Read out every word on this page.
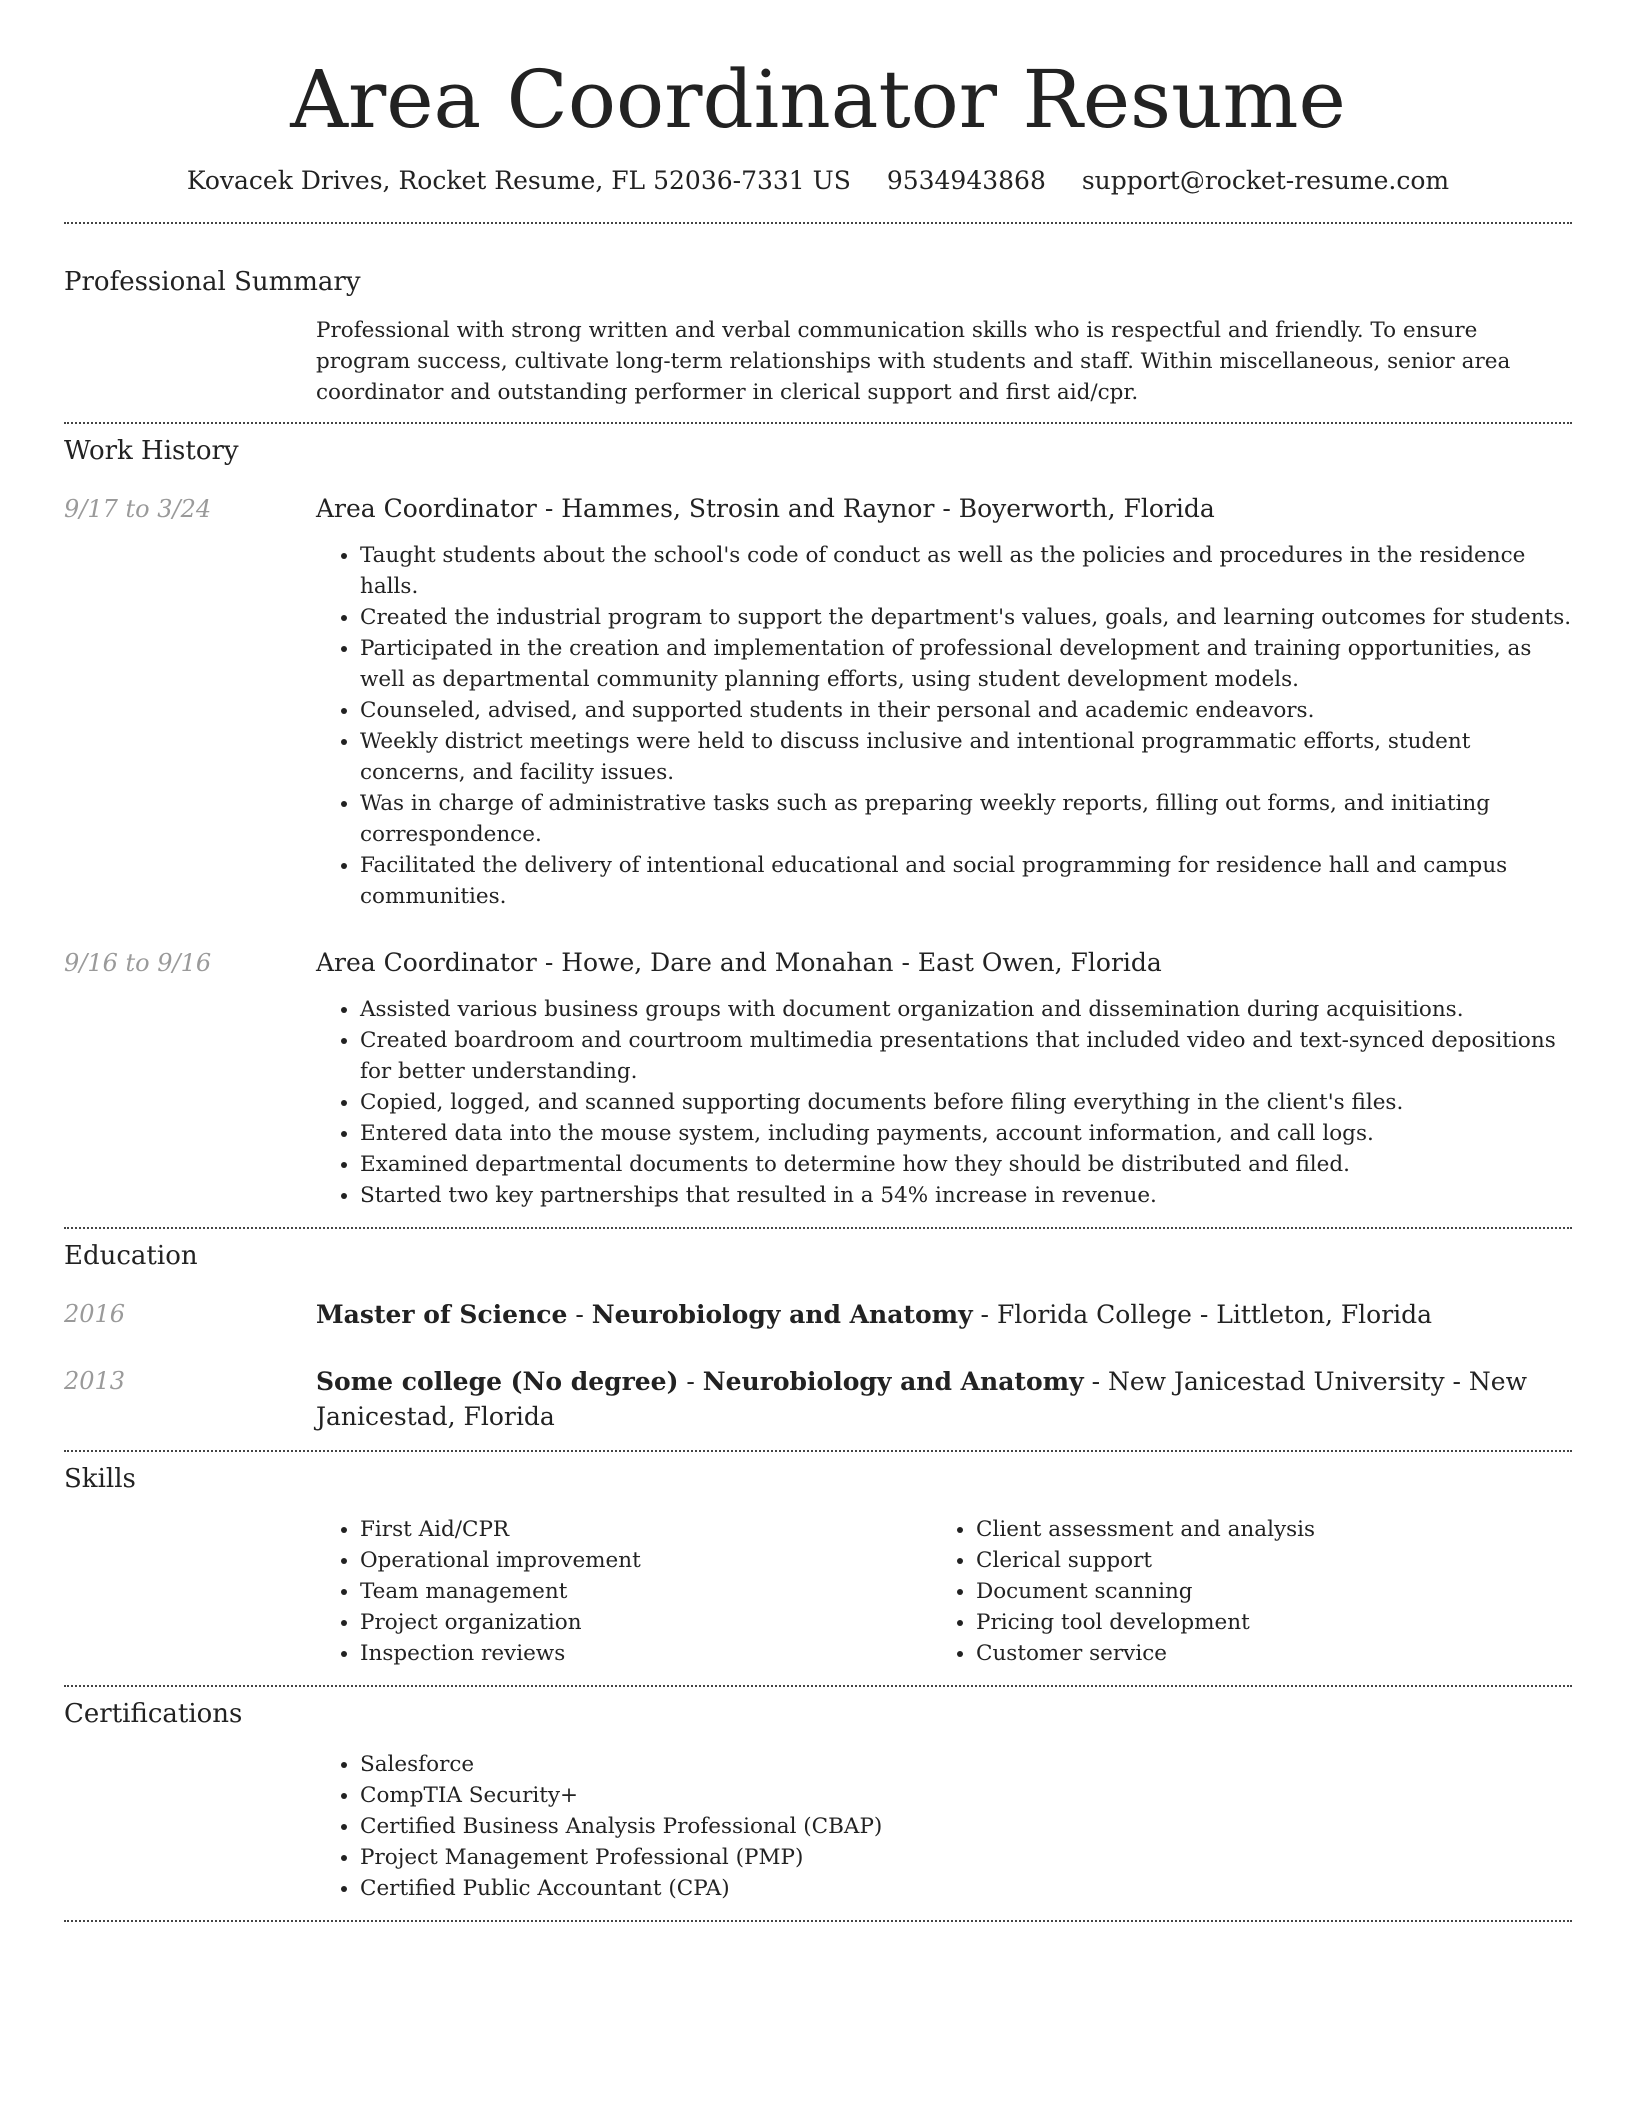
Area Coordinator Resume
Kovacek Drives, Rocket Resume, FL 52036-7331 US 9534943868 support@rocket-resume.com
Professional Summary

Professional with strong written and verbal communication skills who is respectful and friendly. To ensure program success, cultivate long-term relationships with students and staff. Within miscellaneous, senior area coordinator and outstanding performer in clerical support and first aid/cpr.

Work History
9/17 to 3/24	Area Coordinator - Hammes, Strosin and Raynor - Boyerworth, Florida
• Taught students about the school's code of conduct as well as the policies and procedures in the residence halls.
• Created the industrial program to support the department's values, goals, and learning outcomes for students.
• Participated in the creation and implementation of professional development and training opportunities, as well as departmental community planning efforts, using student development models.
• Counseled, advised, and supported students in their personal and academic endeavors.
• Weekly district meetings were held to discuss inclusive and intentional programmatic efforts, student concerns, and facility issues.
• Was in charge of administrative tasks such as preparing weekly reports, filling out forms, and initiating correspondence.
• Facilitated the delivery of intentional educational and social programming for residence hall and campus communities.
9/16 to 9/16	Area Coordinator - Howe, Dare and Monahan - East Owen, Florida
• Assisted various business groups with document organization and dissemination during acquisitions.
• Created boardroom and courtroom multimedia presentations that included video and text-synced depositions for better understanding.
• Copied, logged, and scanned supporting documents before filing everything in the client's files.
• Entered data into the mouse system, including payments, account information, and call logs.
• Examined departmental documents to determine how they should be distributed and filed.
• Started two key partnerships that resulted in a 54% increase in revenue.
Education
2016	Master of Science - Neurobiology and Anatomy - Florida College - Littleton, Florida
2013	Some college (No degree) - Neurobiology and Anatomy - New Janicestad University - New Janicestad, Florida
Skills
• First Aid/CPR
• Operational improvement
• Team management
• Project organization
• Inspection reviews
• Client assessment and analysis
• Clerical support
• Document scanning
• Pricing tool development
• Customer service
Certifications
• Salesforce
• CompTIA Security+
• Certified Business Analysis Professional (CBAP)
• Project Management Professional (PMP)
• Certified Public Accountant (CPA)
